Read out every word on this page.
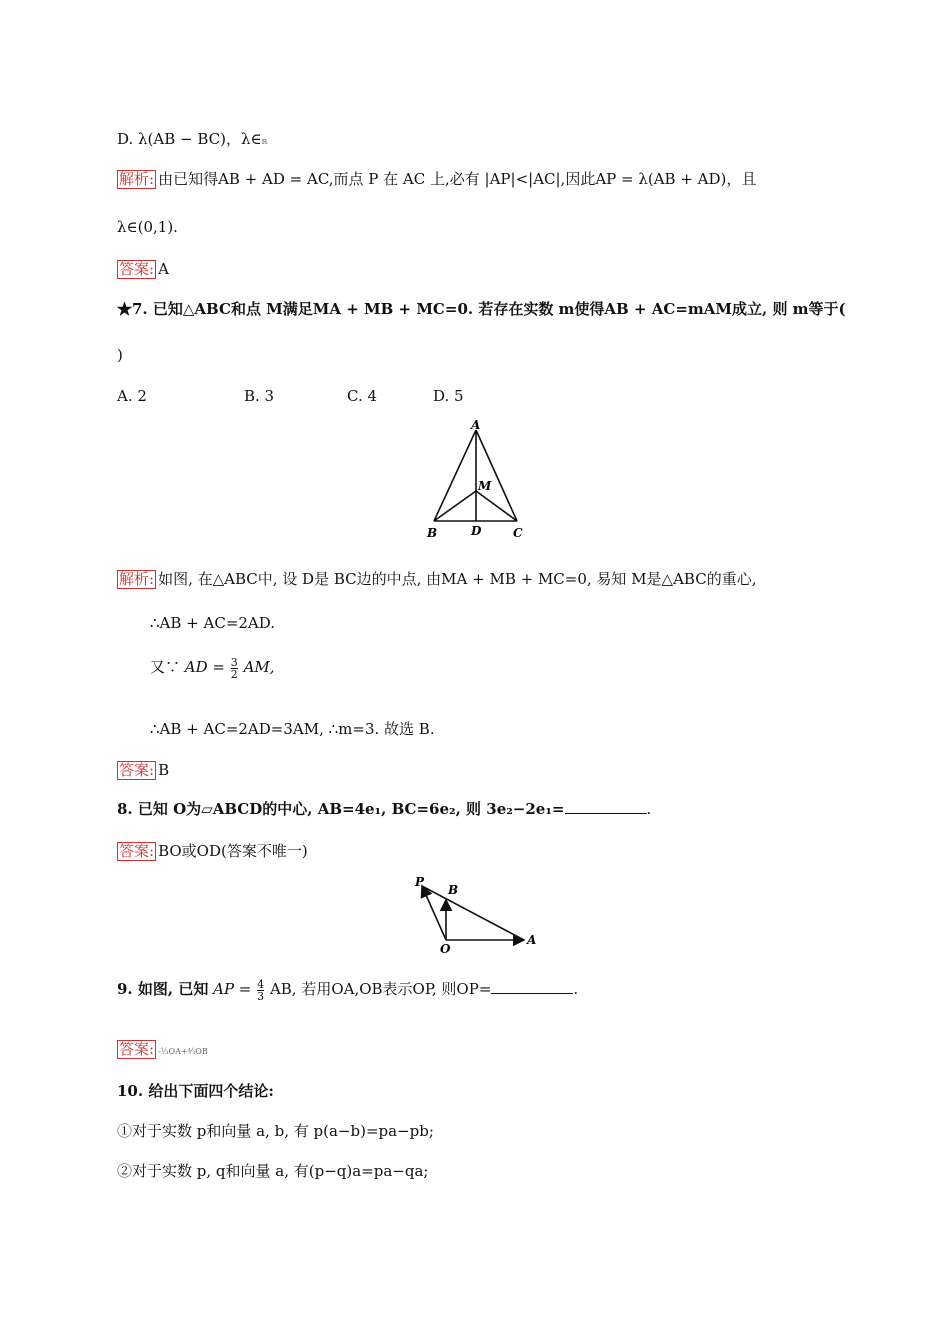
D. λ(AB − BC)，λ∈ℝ
解析: 由已知得AB + AD = AC,而点 P 在 AC 上,必有 |AP|<|AC|,因此AP = λ(AB + AD)，且
λ∈(0,1).
答案: A
★7. 已知△ABC和点 M满足MA + MB + MC=0. 若存在实数 m使得AB + AC=mAM成立, 则 m等于(
)
A. 2	B. 3	C. 4	D. 5
A
M
B	D	C
解析: 如图, 在△ABC中, 设 D是 BC边的中点, 由MA + MB + MC=0, 易知 M是△ABC的重心,
∴AB + AC=2AD.
又∵ AD = $\frac{3}{2}$ AM,
∴AB + AC=2AD=3AM, ∴m=3. 故选 B.
答案: B
8. 已知 O为▱ABCD的中心, AB=4e₁, BC=6e₂, 则 3e₂−2e₁=	.
答案: BO或OD(答案不唯一)
P
B
O
A
9. 如图, 已知 AP = $\frac{4}{3}$ AB, 若用OA,OB表示OP, 则OP=	.
答案: -⅓OA+⁴⁄₃OB
10. 给出下面四个结论:
①对于实数 p和向量 a, b, 有 p(a−b)=pa−pb;
②对于实数 p, q和向量 a, 有(p−q)a=pa−qa;
